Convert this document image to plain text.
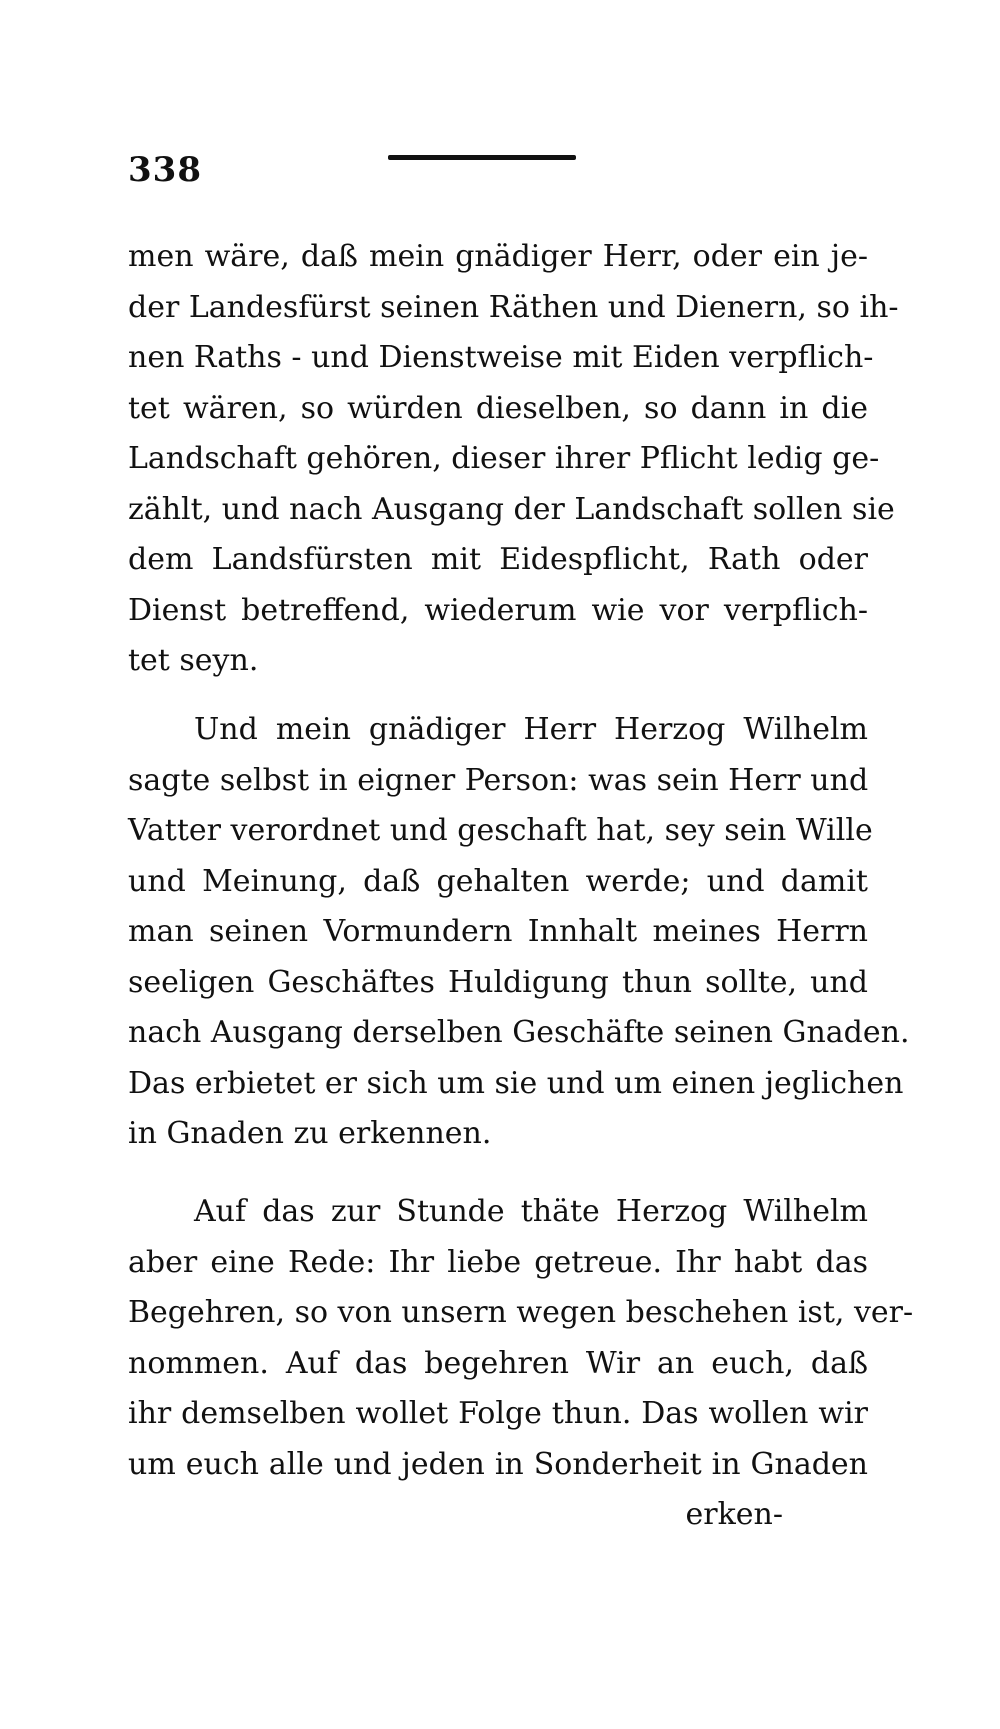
338
men wäre, daß mein gnädiger Herr, oder ein je-
der Landesfürst seinen Räthen und Dienern, so ih-
nen Raths - und Dienstweise mit Eiden verpflich-
tet wären, so würden dieselben, so dann in die
Landschaft gehören, dieser ihrer Pflicht ledig ge-
zählt, und nach Ausgang der Landschaft sollen sie
dem Landsfürsten mit Eidespflicht, Rath oder
Dienst betreffend, wiederum wie vor verpflich-
tet seyn.
Und mein gnädiger Herr Herzog Wilhelm
sagte selbst in eigner Person: was sein Herr und
Vatter verordnet und geschaft hat, sey sein Wille
und Meinung, daß gehalten werde; und damit
man seinen Vormundern Innhalt meines Herrn
seeligen Geschäftes Huldigung thun sollte, und
nach Ausgang derselben Geschäfte seinen Gnaden.
Das erbietet er sich um sie und um einen jeglichen
in Gnaden zu erkennen.
Auf das zur Stunde thäte Herzog Wilhelm
aber eine Rede: Ihr liebe getreue. Ihr habt das
Begehren, so von unsern wegen beschehen ist, ver-
nommen. Auf das begehren Wir an euch, daß
ihr demselben wollet Folge thun. Das wollen wir
um euch alle und jeden in Sonderheit in Gnaden
erken-
